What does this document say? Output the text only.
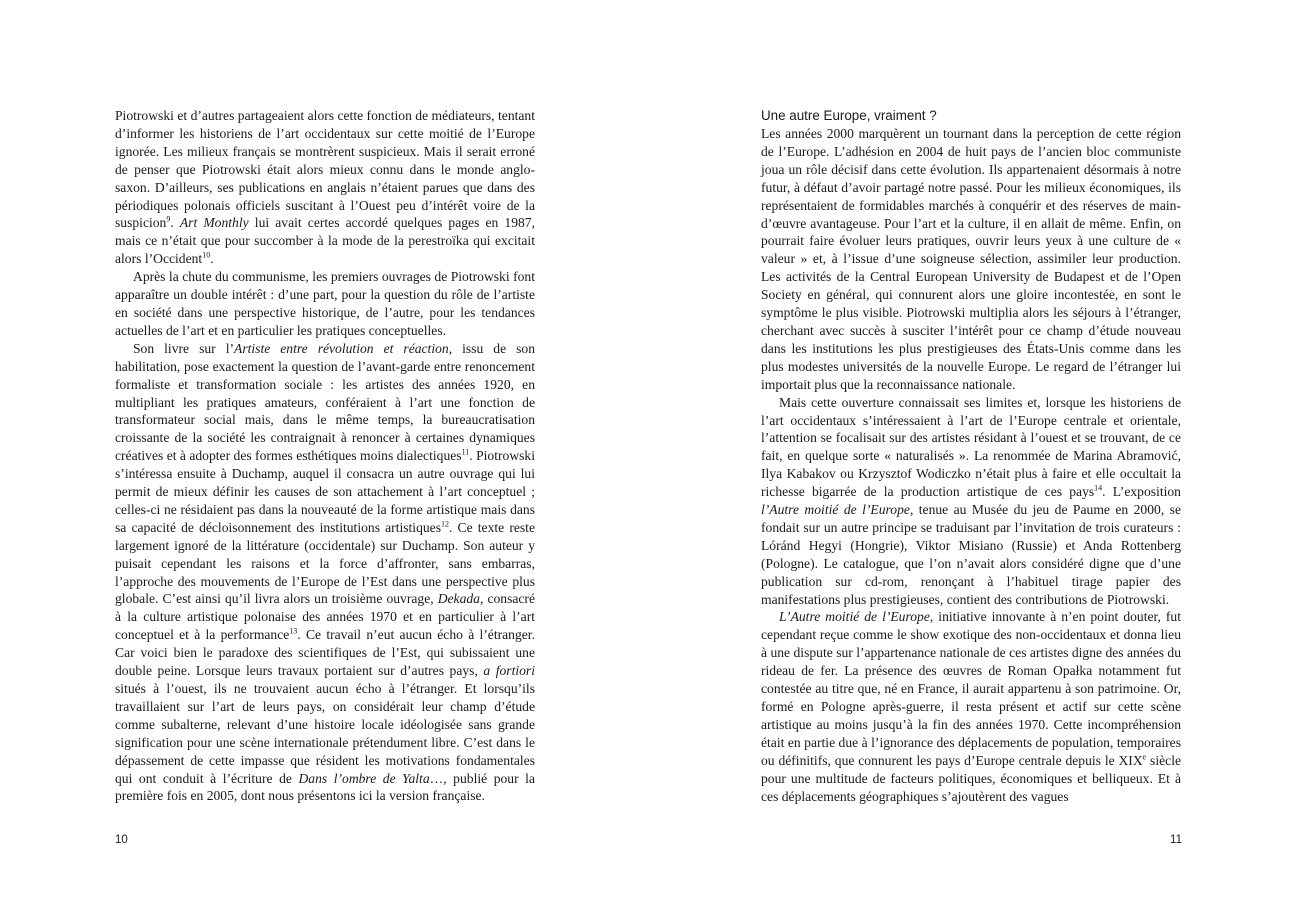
Piotrowski et d’autres partageaient alors cette fonction de médiateurs, tentant d’informer les historiens de l’art occidentaux sur cette moitié de l’Europe ignorée. Les milieux français se montrèrent suspicieux. Mais il serait erroné de penser que Piotrowski était alors mieux connu dans le monde anglo-saxon. D’ailleurs, ses publications en anglais n’étaient parues que dans des périodiques polonais officiels suscitant à l’Ouest peu d’intérêt voire de la suspicion$^9$. Art Monthly lui avait certes accordé quelques pages en 1987, mais ce n’était que pour succomber à la mode de la perestroïka qui excitait alors l’Occident$^{10}$.

Après la chute du communisme, les premiers ouvrages de Piotrowski font apparaître un double intérêt : d’une part, pour la question du rôle de l’artiste en société dans une perspective historique, de l’autre, pour les tendances actuelles de l’art et en particulier les pratiques conceptuelles.

Son livre sur l’Artiste entre révolution et réaction, issu de son habilitation, pose exactement la question de l’avant-garde entre renoncement formaliste et transformation sociale : les artistes des années 1920, en multipliant les pratiques amateurs, conféraient à l’art une fonction de transformateur social mais, dans le même temps, la bureaucratisation croissante de la société les contraignait à renoncer à certaines dynamiques créatives et à adopter des formes esthétiques moins dialectiques$^{11}$. Piotrowski s’intéressa ensuite à Duchamp, auquel il consacra un autre ouvrage qui lui permit de mieux définir les causes de son attachement à l’art conceptuel ; celles-ci ne résidaient pas dans la nouveauté de la forme artistique mais dans sa capacité de décloisonnement des institutions artistiques$^{12}$. Ce texte reste largement ignoré de la littérature (occidentale) sur Duchamp. Son auteur y puisait cependant les raisons et la force d’affronter, sans embarras, l’approche des mouvements de l’Europe de l’Est dans une perspective plus globale. C’est ainsi qu’il livra alors un troisième ouvrage, Dekada, consacré à la culture artistique polonaise des années 1970 et en particulier à l’art conceptuel et à la performance$^{13}$. Ce travail n’eut aucun écho à l’étranger. Car voici bien le paradoxe des scientifiques de l’Est, qui subissaient une double peine. Lorsque leurs travaux portaient sur d’autres pays, a fortiori situés à l’ouest, ils ne trouvaient aucun écho à l’étranger. Et lorsqu’ils travaillaient sur l’art de leurs pays, on considérait leur champ d’étude comme subalterne, relevant d’une histoire locale idéologisée sans grande signification pour une scène internationale prétendument libre. C’est dans le dépassement de cette impasse que résident les motivations fondamentales qui ont conduit à l’écriture de Dans l’ombre de Yalta…, publié pour la première fois en 2005, dont nous présentons ici la version française.

10
Une autre Europe, vraiment ?

Les années 2000 marquèrent un tournant dans la perception de cette région de l’Europe. L’adhésion en 2004 de huit pays de l’ancien bloc communiste joua un rôle décisif dans cette évolution. Ils appartenaient désormais à notre futur, à défaut d’avoir partagé notre passé. Pour les milieux économiques, ils représentaient de formidables marchés à conquérir et des réserves de main-d’œuvre avantageuse. Pour l’art et la culture, il en allait de même. Enfin, on pourrait faire évoluer leurs pratiques, ouvrir leurs yeux à une culture de « valeur » et, à l’issue d’une soigneuse sélection, assimiler leur production. Les activités de la Central European University de Budapest et de l’Open Society en général, qui connurent alors une gloire incontestée, en sont le symptôme le plus visible. Piotrowski multiplia alors les séjours à l’étranger, cherchant avec succès à susciter l’intérêt pour ce champ d’étude nouveau dans les institutions les plus prestigieuses des États-Unis comme dans les plus modestes universités de la nouvelle Europe. Le regard de l’étranger lui importait plus que la reconnaissance nationale.

Mais cette ouverture connaissait ses limites et, lorsque les historiens de l’art occidentaux s’intéressaient à l’art de l’Europe centrale et orientale, l’attention se focalisait sur des artistes résidant à l’ouest et se trouvant, de ce fait, en quelque sorte « naturalisés ». La renommée de Marina Abramović, Ilya Kabakov ou Krzysztof Wodiczko n’était plus à faire et elle occultait la richesse bigarrée de la production artistique de ces pays$^{14}$. L’exposition l’Autre moitié de l’Europe, tenue au Musée du jeu de Paume en 2000, se fondait sur un autre principe se traduisant par l’invitation de trois curateurs : Lóránd Hegyi (Hongrie), Viktor Misiano (Russie) et Anda Rottenberg (Pologne). Le catalogue, que l’on n’avait alors considéré digne que d’une publication sur cd-rom, renonçant à l’habituel tirage papier des manifestations plus prestigieuses, contient des contributions de Piotrowski.

L’Autre moitié de l’Europe, initiative innovante à n’en point douter, fut cependant reçue comme le show exotique des non-occidentaux et donna lieu à une dispute sur l’appartenance nationale de ces artistes digne des années du rideau de fer. La présence des œuvres de Roman Opałka notamment fut contestée au titre que, né en France, il aurait appartenu à son patrimoine. Or, formé en Pologne après-guerre, il resta présent et actif sur cette scène artistique au moins jusqu’à la fin des années 1970. Cette incompréhension était en partie due à l’ignorance des déplacements de population, temporaires ou définitifs, que connurent les pays d’Europe centrale depuis le XIXe siècle pour une multitude de facteurs politiques, économiques et belliqueux. Et à ces déplacements géographiques s’ajoutèrent des vagues

11
